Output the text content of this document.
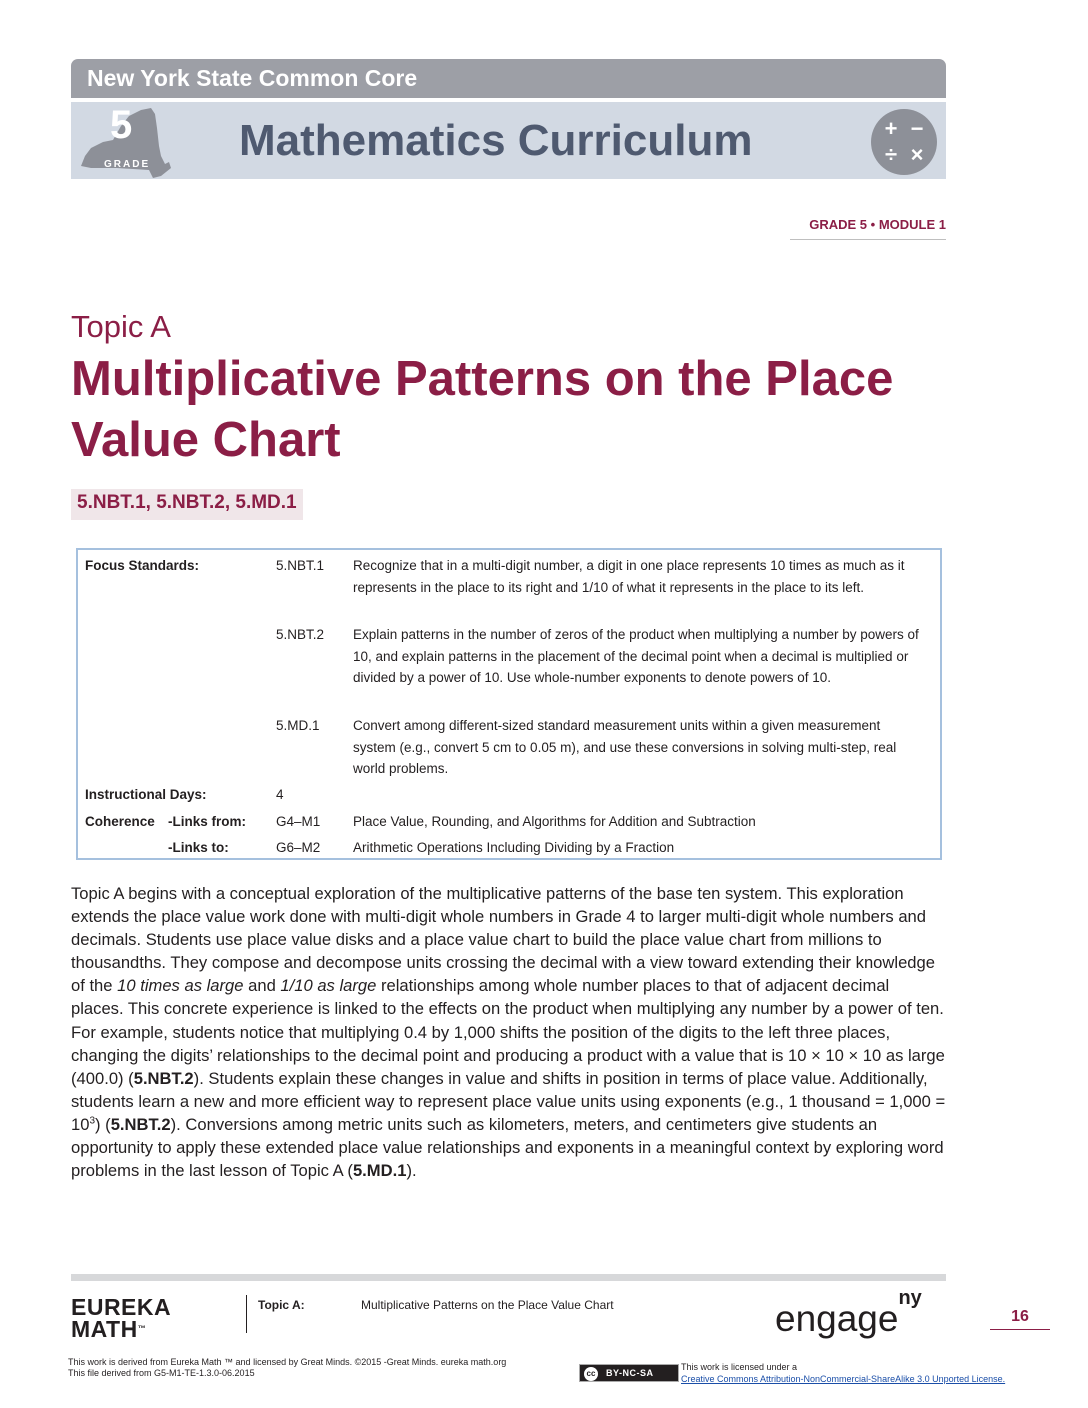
New York State Common Core
5
GRADE Mathematics Curriculum	+ −
÷ ×
GRADE 5 • MODULE 1
Topic A
Multiplicative Patterns on the Place Value Chart
5.NBT.1, 5.NBT.2, 5.MD.1
Focus Standards:	5.NBT.1 Recognize that in a multi-digit number, a digit in one place represents 10 times as much as it represents in the place to its right and 1/10 of what it represents in the place to its left.
5.NBT.2 Explain patterns in the number of zeros of the product when multiplying a number by powers of 10, and explain patterns in the placement of the decimal point when a decimal is multiplied or divided by a power of 10. Use whole-number exponents to denote powers of 10.
5.MD.1 Convert among different-sized standard measurement units within a given measurement system (e.g., convert 5 cm to 0.05 m), and use these conversions in solving multi-step, real world problems.
Instructional Days:	4
Coherence -Links from: G4–M1 Place Value, Rounding, and Algorithms for Addition and Subtraction
-Links to:	G6–M2 Arithmetic Operations Including Dividing by a Fraction

Topic A begins with a conceptual exploration of the multiplicative patterns of the base ten system. This exploration extends the place value work done with multi-digit whole numbers in Grade 4 to larger multi-digit whole numbers and decimals. Students use place value disks and a place value chart to build the place value chart from millions to thousandths. They compose and decompose units crossing the decimal with a view toward extending their knowledge of the 10 times as large and 1/10 as large relationships among whole number places to that of adjacent decimal places. This concrete experience is linked to the effects on the product when multiplying any number by a power of ten. For example, students notice that multiplying 0.4 by 1,000 shifts the position of the digits to the left three places, changing the digits’ relationships to the decimal point and producing a product with a value that is 10 × 10 × 10 as large (400.0) (5.NBT.2). Students explain these changes in value and shifts in position in terms of place value. Additionally, students learn a new and more efficient way to represent place value units using exponents (e.g., 1 thousand = $1,000 = 10^3$) (5.NBT.2). Conversions among metric units such as kilometers, meters, and centimeters give students an opportunity to apply these extended place value relationships and exponents in a meaningful context by exploring word problems in the last lesson of Topic A (5.MD.1).

EUREKA
MATH™
Topic A:	Multiplicative Patterns on the Place Value Chart	engage$^{ny}$
16
This work is derived from Eureka Math ™ and licensed by Great Minds. ©2015 -Great Minds. eureka math.org
This file derived from G5-M1-TE-1.3.0-06.2015	cc BY-NC-SA
This work is licensed under a
Creative Commons Attribution-NonCommercial-ShareAlike 3.0 Unported License.
